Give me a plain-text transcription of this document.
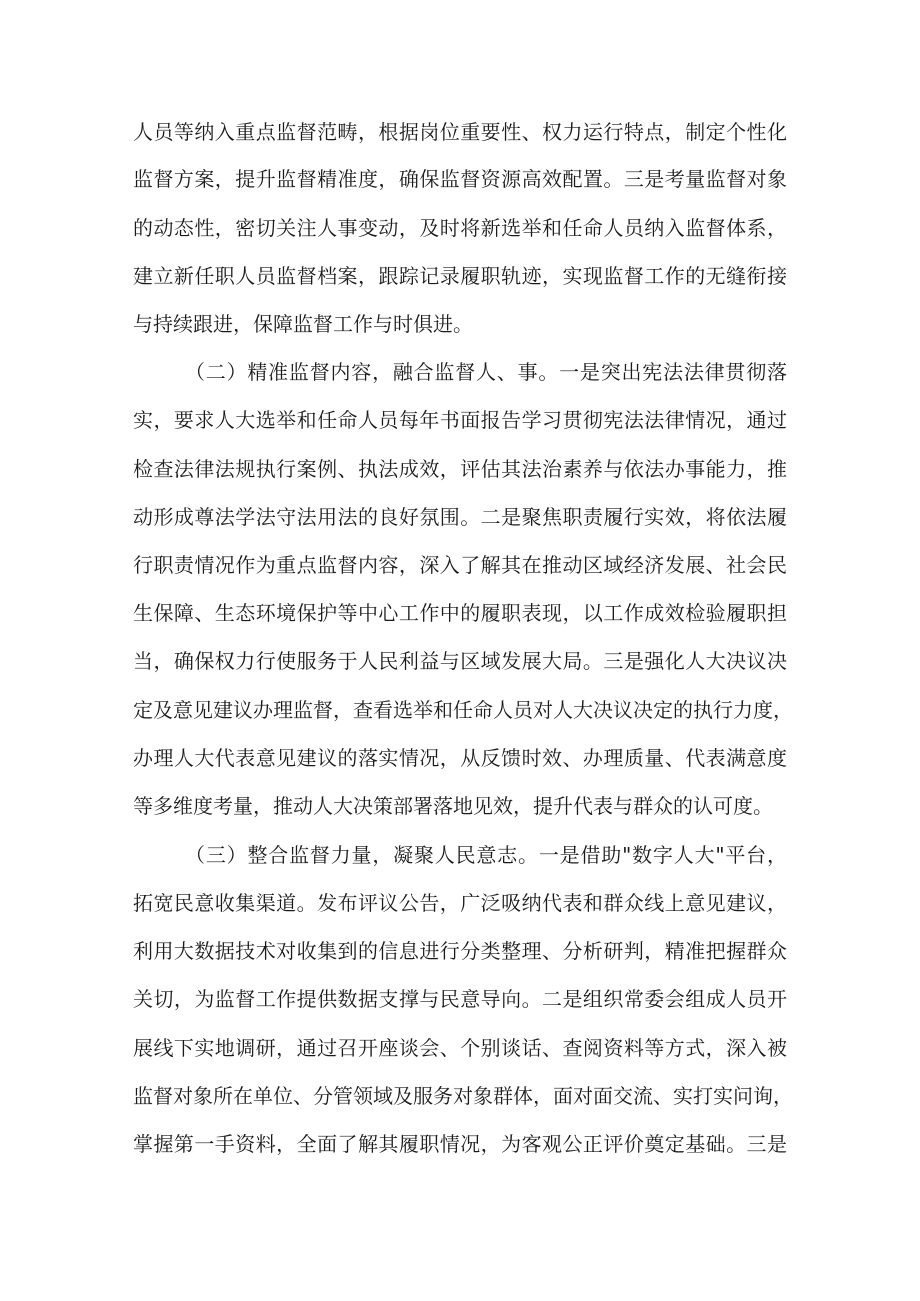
人员等纳入重点监督范畴，根据岗位重要性、权力运行特点，制定个性化
监督方案，提升监督精准度，确保监督资源高效配置。三是考量监督对象
的动态性，密切关注人事变动，及时将新选举和任命人员纳入监督体系，
建立新任职人员监督档案，跟踪记录履职轨迹，实现监督工作的无缝衔接
与持续跟进，保障监督工作与时俱进。
（二）精准监督内容，融合监督人、事。一是突出宪法法律贯彻落
实，要求人大选举和任命人员每年书面报告学习贯彻宪法法律情况，通过
检查法律法规执行案例、执法成效，评估其法治素养与依法办事能力，推
动形成尊法学法守法用法的良好氛围。二是聚焦职责履行实效，将依法履
行职责情况作为重点监督内容，深入了解其在推动区域经济发展、社会民
生保障、生态环境保护等中心工作中的履职表现，以工作成效检验履职担
当，确保权力行使服务于人民利益与区域发展大局。三是强化人大决议决
定及意见建议办理监督，查看选举和任命人员对人大决议决定的执行力度，
办理人大代表意见建议的落实情况，从反馈时效、办理质量、代表满意度
等多维度考量，推动人大决策部署落地见效，提升代表与群众的认可度。
（三）整合监督力量，凝聚人民意志。一是借助"数字人大"平台，
拓宽民意收集渠道。发布评议公告，广泛吸纳代表和群众线上意见建议，
利用大数据技术对收集到的信息进行分类整理、分析研判，精准把握群众
关切，为监督工作提供数据支撑与民意导向。二是组织常委会组成人员开
展线下实地调研，通过召开座谈会、个别谈话、查阅资料等方式，深入被
监督对象所在单位、分管领域及服务对象群体，面对面交流、实打实问询，
掌握第一手资料，全面了解其履职情况，为客观公正评价奠定基础。三是
